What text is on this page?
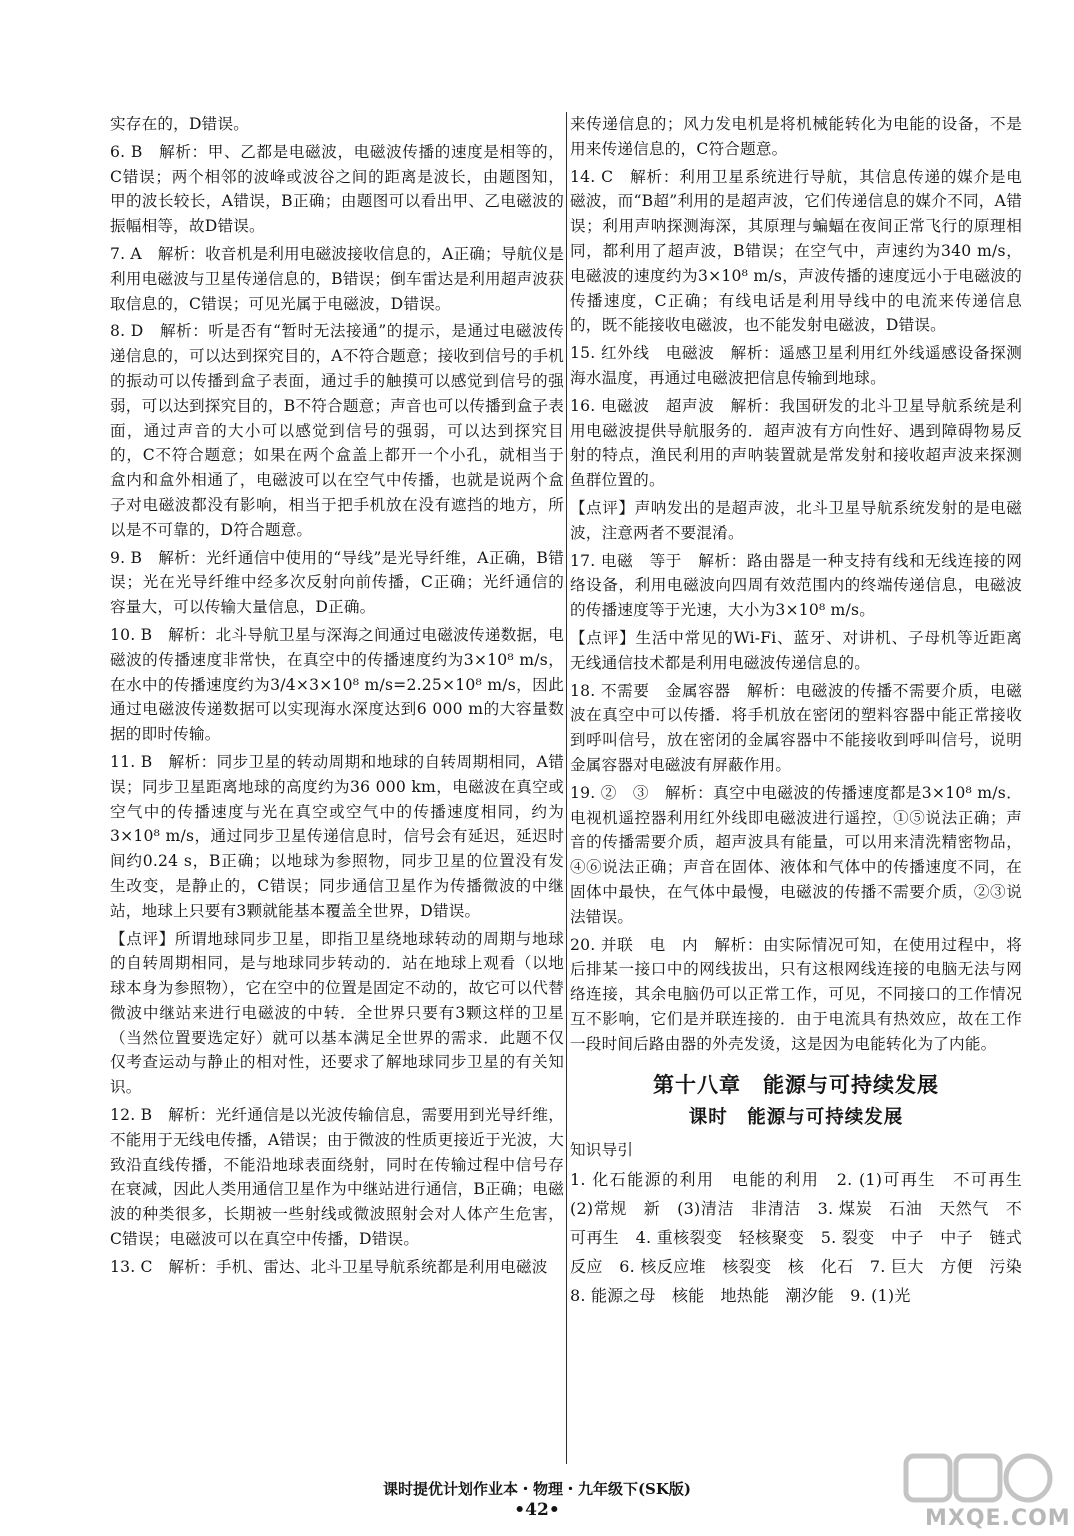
实存在的，D错误。

6. B　解析：甲、乙都是电磁波，电磁波传播的速度是相等的，C错误；两个相邻的波峰或波谷之间的距离是波长，由题图知，甲的波长较长，A错误，B正确；由题图可以看出甲、乙电磁波的振幅相等，故D错误。

7. A　解析：收音机是利用电磁波接收信息的，A正确；导航仪是利用电磁波与卫星传递信息的，B错误；倒车雷达是利用超声波获取信息的，C错误；可见光属于电磁波，D错误。

8. D　解析：听是否有“暂时无法接通”的提示，是通过电磁波传递信息的，可以达到探究目的，A不符合题意；接收到信号的手机的振动可以传播到盒子表面，通过手的触摸可以感觉到信号的强弱，可以达到探究目的，B不符合题意；声音也可以传播到盒子表面，通过声音的大小可以感觉到信号的强弱，可以达到探究目的，C不符合题意；如果在两个盒盖上都开一个小孔，就相当于盒内和盒外相通了，电磁波可以在空气中传播，也就是说两个盒子对电磁波都没有影响，相当于把手机放在没有遮挡的地方，所以是不可靠的，D符合题意。

9. B　解析：光纤通信中使用的“导线”是光导纤维，A正确，B错误；光在光导纤维中经多次反射向前传播，C正确；光纤通信的容量大，可以传输大量信息，D正确。

10. B　解析：北斗导航卫星与深海之间通过电磁波传递数据，电磁波的传播速度非常快，在真空中的传播速度约为3×10⁸ m/s，在水中的传播速度约为3/4×3×10⁸ m/s=2.25×10⁸ m/s，因此通过电磁波传递数据可以实现海水深度达到6 000 m的大容量数据的即时传输。

11. B　解析：同步卫星的转动周期和地球的自转周期相同，A错误；同步卫星距离地球的高度约为36 000 km，电磁波在真空或空气中的传播速度与光在真空或空气中的传播速度相同，约为3×10⁸ m/s，通过同步卫星传递信息时，信号会有延迟，延迟时间约0.24 s，B正确；以地球为参照物，同步卫星的位置没有发生改变，是静止的，C错误；同步通信卫星作为传播微波的中继站，地球上只要有3颗就能基本覆盖全世界，D错误。

【点评】所谓地球同步卫星，即指卫星绕地球转动的周期与地球的自转周期相同，是与地球同步转动的．站在地球上观看（以地球本身为参照物），它在空中的位置是固定不动的，故它可以代替微波中继站来进行电磁波的中转．全世界只要有3颗这样的卫星（当然位置要选定好）就可以基本满足全世界的需求．此题不仅仅考查运动与静止的相对性，还要求了解地球同步卫星的有关知识。

12. B　解析：光纤通信是以光波传输信息，需要用到光导纤维，不能用于无线电传播，A错误；由于微波的性质更接近于光波，大致沿直线传播，不能沿地球表面绕射，同时在传输过程中信号存在衰减，因此人类用通信卫星作为中继站进行通信，B正确；电磁波的种类很多，长期被一些射线或微波照射会对人体产生危害，C错误；电磁波可以在真空中传播，D错误。

13. C　解析：手机、雷达、北斗卫星导航系统都是利用电磁波

来传递信息的；风力发电机是将机械能转化为电能的设备，不是用来传递信息的，C符合题意。

14. C　解析：利用卫星系统进行导航，其信息传递的媒介是电磁波，而“B超”利用的是超声波，它们传递信息的媒介不同，A错误；利用声呐探测海深，其原理与蝙蝠在夜间正常飞行的原理相同，都利用了超声波，B错误；在空气中，声速约为340 m/s，电磁波的速度约为3×10⁸ m/s，声波传播的速度远小于电磁波的传播速度，C正确；有线电话是利用导线中的电流来传递信息的，既不能接收电磁波，也不能发射电磁波，D错误。

15. 红外线　电磁波　解析：遥感卫星利用红外线遥感设备探测海水温度，再通过电磁波把信息传输到地球。

16. 电磁波　超声波　解析：我国研发的北斗卫星导航系统是利用电磁波提供导航服务的．超声波有方向性好、遇到障碍物易反射的特点，渔民利用的声呐装置就是常发射和接收超声波来探测鱼群位置的。

【点评】声呐发出的是超声波，北斗卫星导航系统发射的是电磁波，注意两者不要混淆。

17. 电磁　等于　解析：路由器是一种支持有线和无线连接的网络设备，利用电磁波向四周有效范围内的终端传递信息，电磁波的传播速度等于光速，大小为3×10⁸ m/s。

【点评】生活中常见的Wi-Fi、蓝牙、对讲机、子母机等近距离无线通信技术都是利用电磁波传递信息的。

18. 不需要　金属容器　解析：电磁波的传播不需要介质，电磁波在真空中可以传播．将手机放在密闭的塑料容器中能正常接收到呼叫信号，放在密闭的金属容器中不能接收到呼叫信号，说明金属容器对电磁波有屏蔽作用。

19. ②　③　解析：真空中电磁波的传播速度都是3×10⁸ m/s．电视机遥控器利用红外线即电磁波进行遥控，①⑤说法正确；声音的传播需要介质，超声波具有能量，可以用来清洗精密物品，④⑥说法正确；声音在固体、液体和气体中的传播速度不同，在固体中最快，在气体中最慢，电磁波的传播不需要介质，②③说法错误。

20. 并联　电　内　解析：由实际情况可知，在使用过程中，将后排某一接口中的网线拔出，只有这根网线连接的电脑无法与网络连接，其余电脑仍可以正常工作，可见，不同接口的工作情况互不影响，它们是并联连接的．由于电流具有热效应，故在工作一段时间后路由器的外壳发烫，这是因为电能转化为了内能。

第十八章　能源与可持续发展
课时　能源与可持续发展
知识导引
1. 化石能源的利用　电能的利用　2. (1)可再生　不可再生　(2)常规　新　(3)清洁　非清洁　3. 煤炭　石油　天然气　不可再生　4. 重核裂变　轻核聚变　5. 裂变　中子　中子　链式反应　6. 核反应堆　核裂变　核　化石　7. 巨大　方便　污染　8. 能源之母　核能　地热能　潮汐能　9. (1)光
课时提优计划作业本・物理・九年级下(SK版)
•42•	MXQE.COM
